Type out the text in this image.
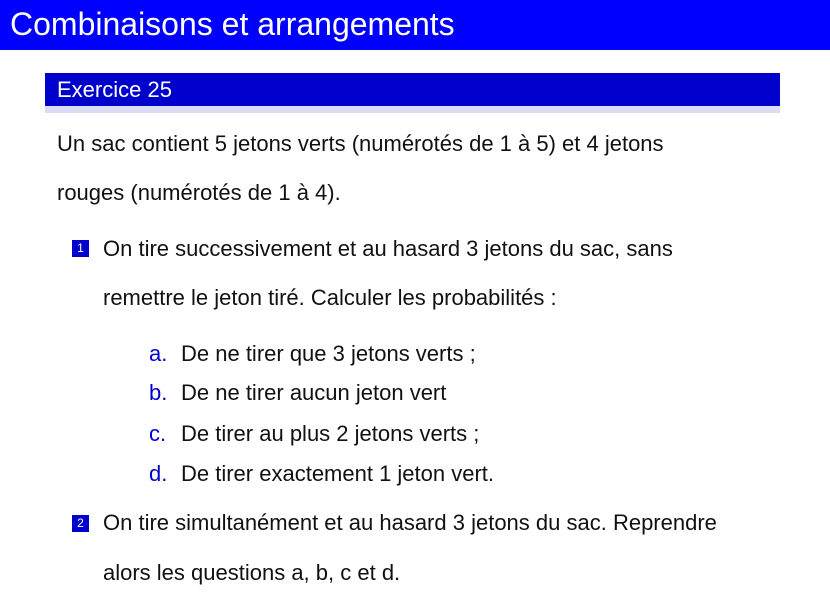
Combinaisons et arrangements
Exercice 25
Un sac contient 5 jetons verts (numérotés de 1 à 5) et 4 jetons
rouges (numérotés de 1 à 4).
1 On tire successivement et au hasard 3 jetons du sac, sans
remettre le jeton tiré. Calculer les probabilités :
a. De ne tirer que 3 jetons verts ;
b. De ne tirer aucun jeton vert
c. De tirer au plus 2 jetons verts ;
d. De tirer exactement 1 jeton vert.
2 On tire simultanément et au hasard 3 jetons du sac. Reprendre
alors les questions a, b, c et d.
